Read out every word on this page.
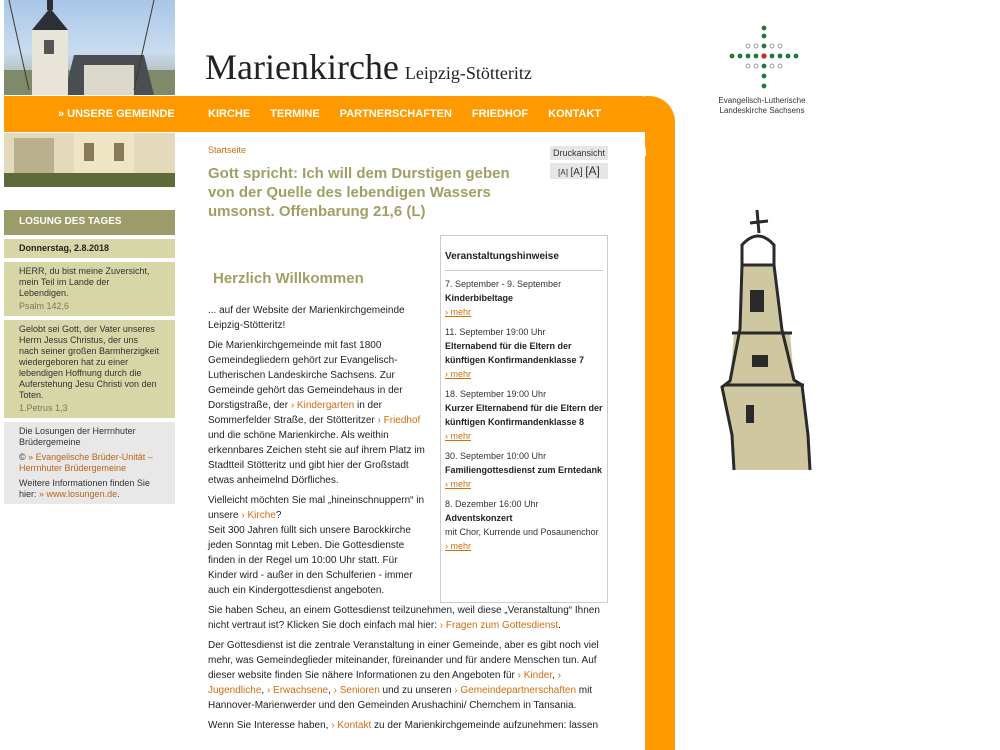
Marienkirche Leipzig-Stötteritz
Evangelisch-Lutherische
Landeskirche Sachsens
» UNSERE GEMEINDE	KIRCHE TERMINE PARTNERSCHAFTEN FRIEDHOF KONTAKT
LOSUNG DES TAGES
Donnerstag, 2.8.2018
HERR, du bist meine Zuversicht, mein Teil im Lande der Lebendigen.
Psalm 142,6
Gelobt sei Gott, der Vater unseres Herrn Jesus Christus, der uns nach seiner großen Barmherzigkeit wiedergeboren hat zu einer lebendigen Hoffnung durch die Auferstehung Jesu Christi von den Toten.
1.Petrus 1,3
Die Losungen der Herrnhuter Brüdergemeine
© » Evangelische Brüder-Unität – Herrnhuter Brüdergemeine
Weitere Informationen finden Sie hier: » www.losungen.de.
Startseite
Gott spricht: Ich will dem Durstigen geben von der Quelle des lebendigen Wassers umsonst. Offenbarung 21,6 (L)
Druckansicht
[A] [A] [A]
Herzlich Willkommen

... auf der Website der Marienkirchgemeinde Leipzig-Stötteritz!

Die Marienkirchgemeinde mit fast 1800 Gemeindegliedern gehört zur Evangelisch-Lutherischen Landeskirche Sachsens. Zur Gemeinde gehört das Gemeindehaus in der Dorstigstraße, der › Kindergarten in der Sommerfelder Straße, der Stötteritzer › Friedhof und die schöne Marienkirche. Als weithin erkennbares Zeichen steht sie auf ihrem Platz im Stadtteil Stötteritz und gibt hier der Großstadt etwas anheimelnd Dörfliches.

Vielleicht möchten Sie mal „hineinschnuppern“ in unsere › Kirche?

Seit 300 Jahren füllt sich unsere Barockkirche jeden Sonntag mit Leben. Die Gottesdienste finden in der Regel um 10:00 Uhr statt. Für Kinder wird - außer in den Schulferien - immer auch ein Kindergottesdienst angeboten.

Sie haben Scheu, an einem Gottesdienst teilzunehmen, weil diese „Veranstaltung“ Ihnen nicht vertraut ist? Klicken Sie doch einfach mal hier: › Fragen zum Gottesdienst.

Der Gottesdienst ist die zentrale Veranstaltung in einer Gemeinde, aber es gibt noch viel mehr, was Gemeindeglieder miteinander, füreinander und für andere Menschen tun. Auf dieser website finden Sie nähere Informationen zu den Angeboten für › Kinder, › Jugendliche, › Erwachsene, › Senioren und zu unseren › Gemeindepartnerschaften mit Hannover-Marienwerder und den Gemeinden Arushachini/ Chemchem in Tansania.

Wenn Sie Interesse haben, › Kontakt zu der Marienkirchgemeinde aufzunehmen: lassen

Veranstaltungshinweise
7. September - 9. September
Kinderbibeltage
› mehr
11. September 19:00 Uhr
Elternabend für die Eltern der künftigen Konfirmandenklasse 7
› mehr
18. September 19:00 Uhr
Kurzer Elternabend für die Eltern der künftigen Konfirmandenklasse 8
› mehr
30. September 10:00 Uhr
Familiengottesdienst zum Erntedank
› mehr
8. Dezember 16:00 Uhr
Adventskonzert
mit Chor, Kurrende und Posaunenchor
› mehr
